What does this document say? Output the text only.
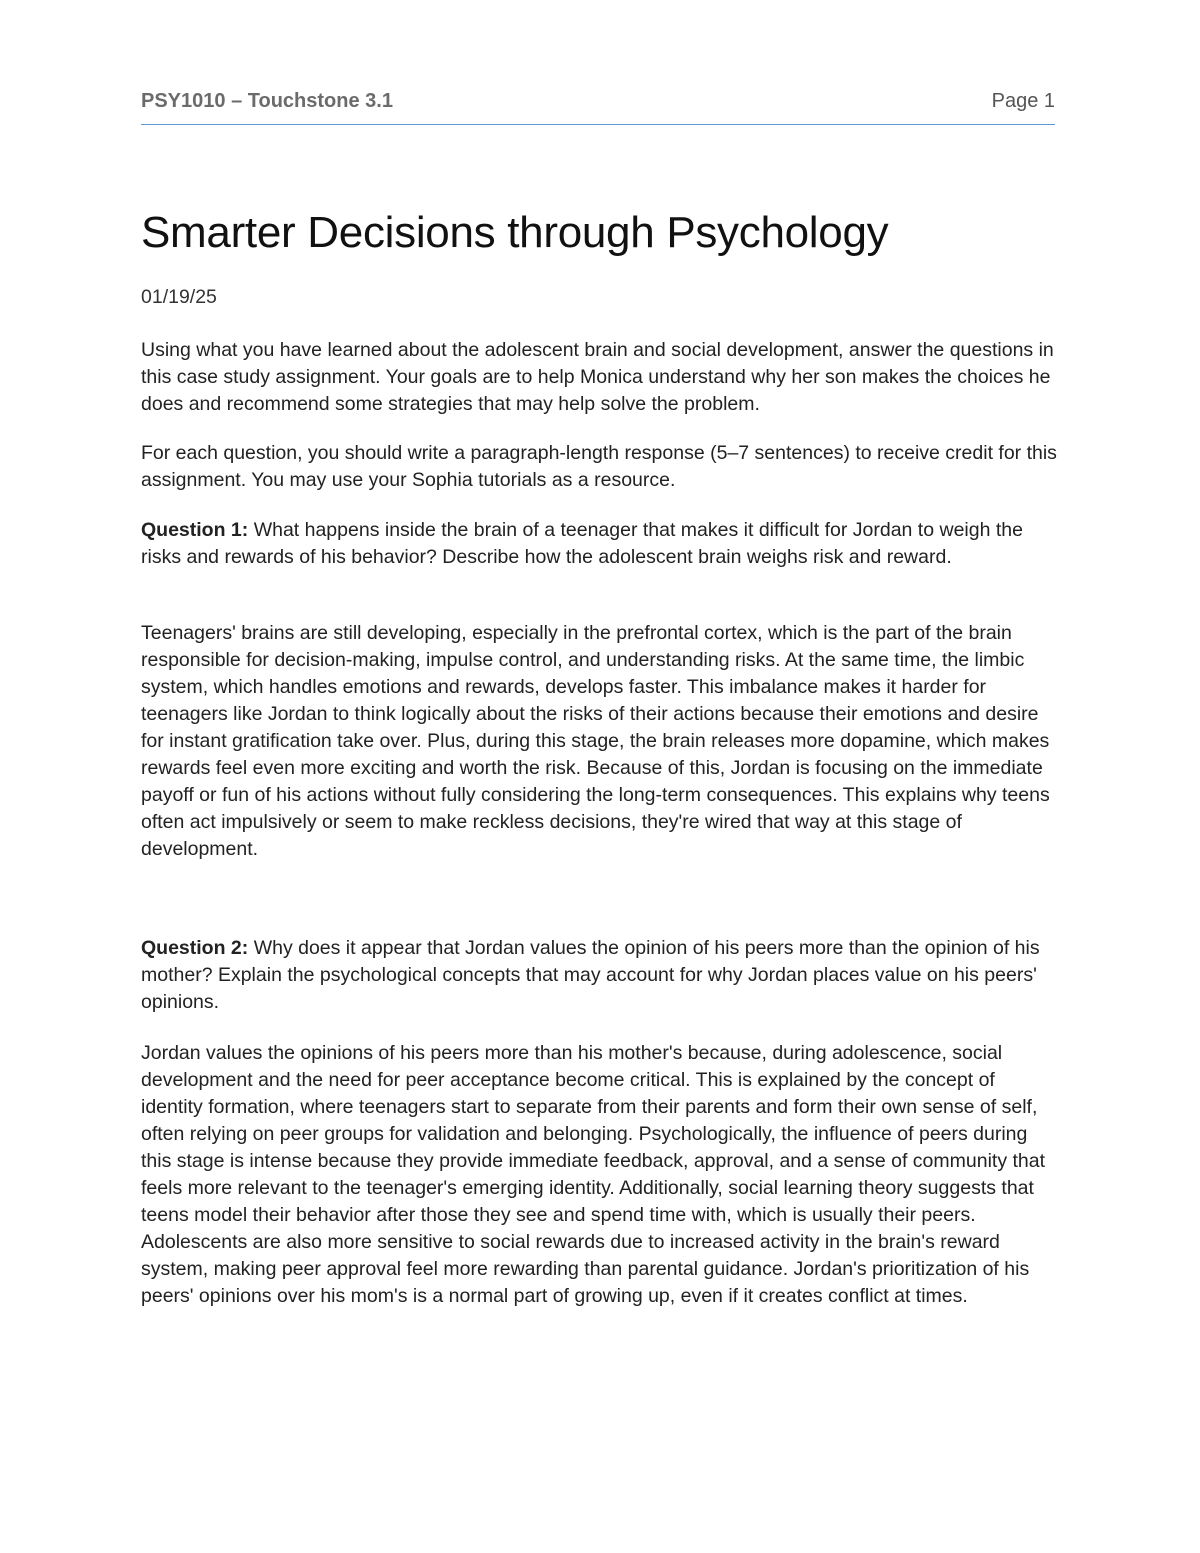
PSY1010 – Touchstone 3.1	Page 1
Smarter Decisions through Psychology
01/19/25

Using what you have learned about the adolescent brain and social development, answer the questions in this case study assignment. Your goals are to help Monica understand why her son makes the choices he does and recommend some strategies that may help solve the problem.

For each question, you should write a paragraph-length response (5–7 sentences) to receive credit for this assignment. You may use your Sophia tutorials as a resource.

Question 1: What happens inside the brain of a teenager that makes it difficult for Jordan to weigh the risks and rewards of his behavior? Describe how the adolescent brain weighs risk and reward.

Teenagers' brains are still developing, especially in the prefrontal cortex, which is the part of the brain responsible for decision-making, impulse control, and understanding risks. At the same time, the limbic system, which handles emotions and rewards, develops faster. This imbalance makes it harder for teenagers like Jordan to think logically about the risks of their actions because their emotions and desire for instant gratification take over. Plus, during this stage, the brain releases more dopamine, which makes rewards feel even more exciting and worth the risk. Because of this, Jordan is focusing on the immediate payoff or fun of his actions without fully considering the long-term consequences. This explains why teens often act impulsively or seem to make reckless decisions, they're wired that way at this stage of development.

Question 2: Why does it appear that Jordan values the opinion of his peers more than the opinion of his mother? Explain the psychological concepts that may account for why Jordan places value on his peers' opinions.

Jordan values the opinions of his peers more than his mother's because, during adolescence, social development and the need for peer acceptance become critical. This is explained by the concept of identity formation, where teenagers start to separate from their parents and form their own sense of self, often relying on peer groups for validation and belonging. Psychologically, the influence of peers during this stage is intense because they provide immediate feedback, approval, and a sense of community that feels more relevant to the teenager's emerging identity. Additionally, social learning theory suggests that teens model their behavior after those they see and spend time with, which is usually their peers. Adolescents are also more sensitive to social rewards due to increased activity in the brain's reward system, making peer approval feel more rewarding than parental guidance. Jordan's prioritization of his peers' opinions over his mom's is a normal part of growing up, even if it creates conflict at times.
